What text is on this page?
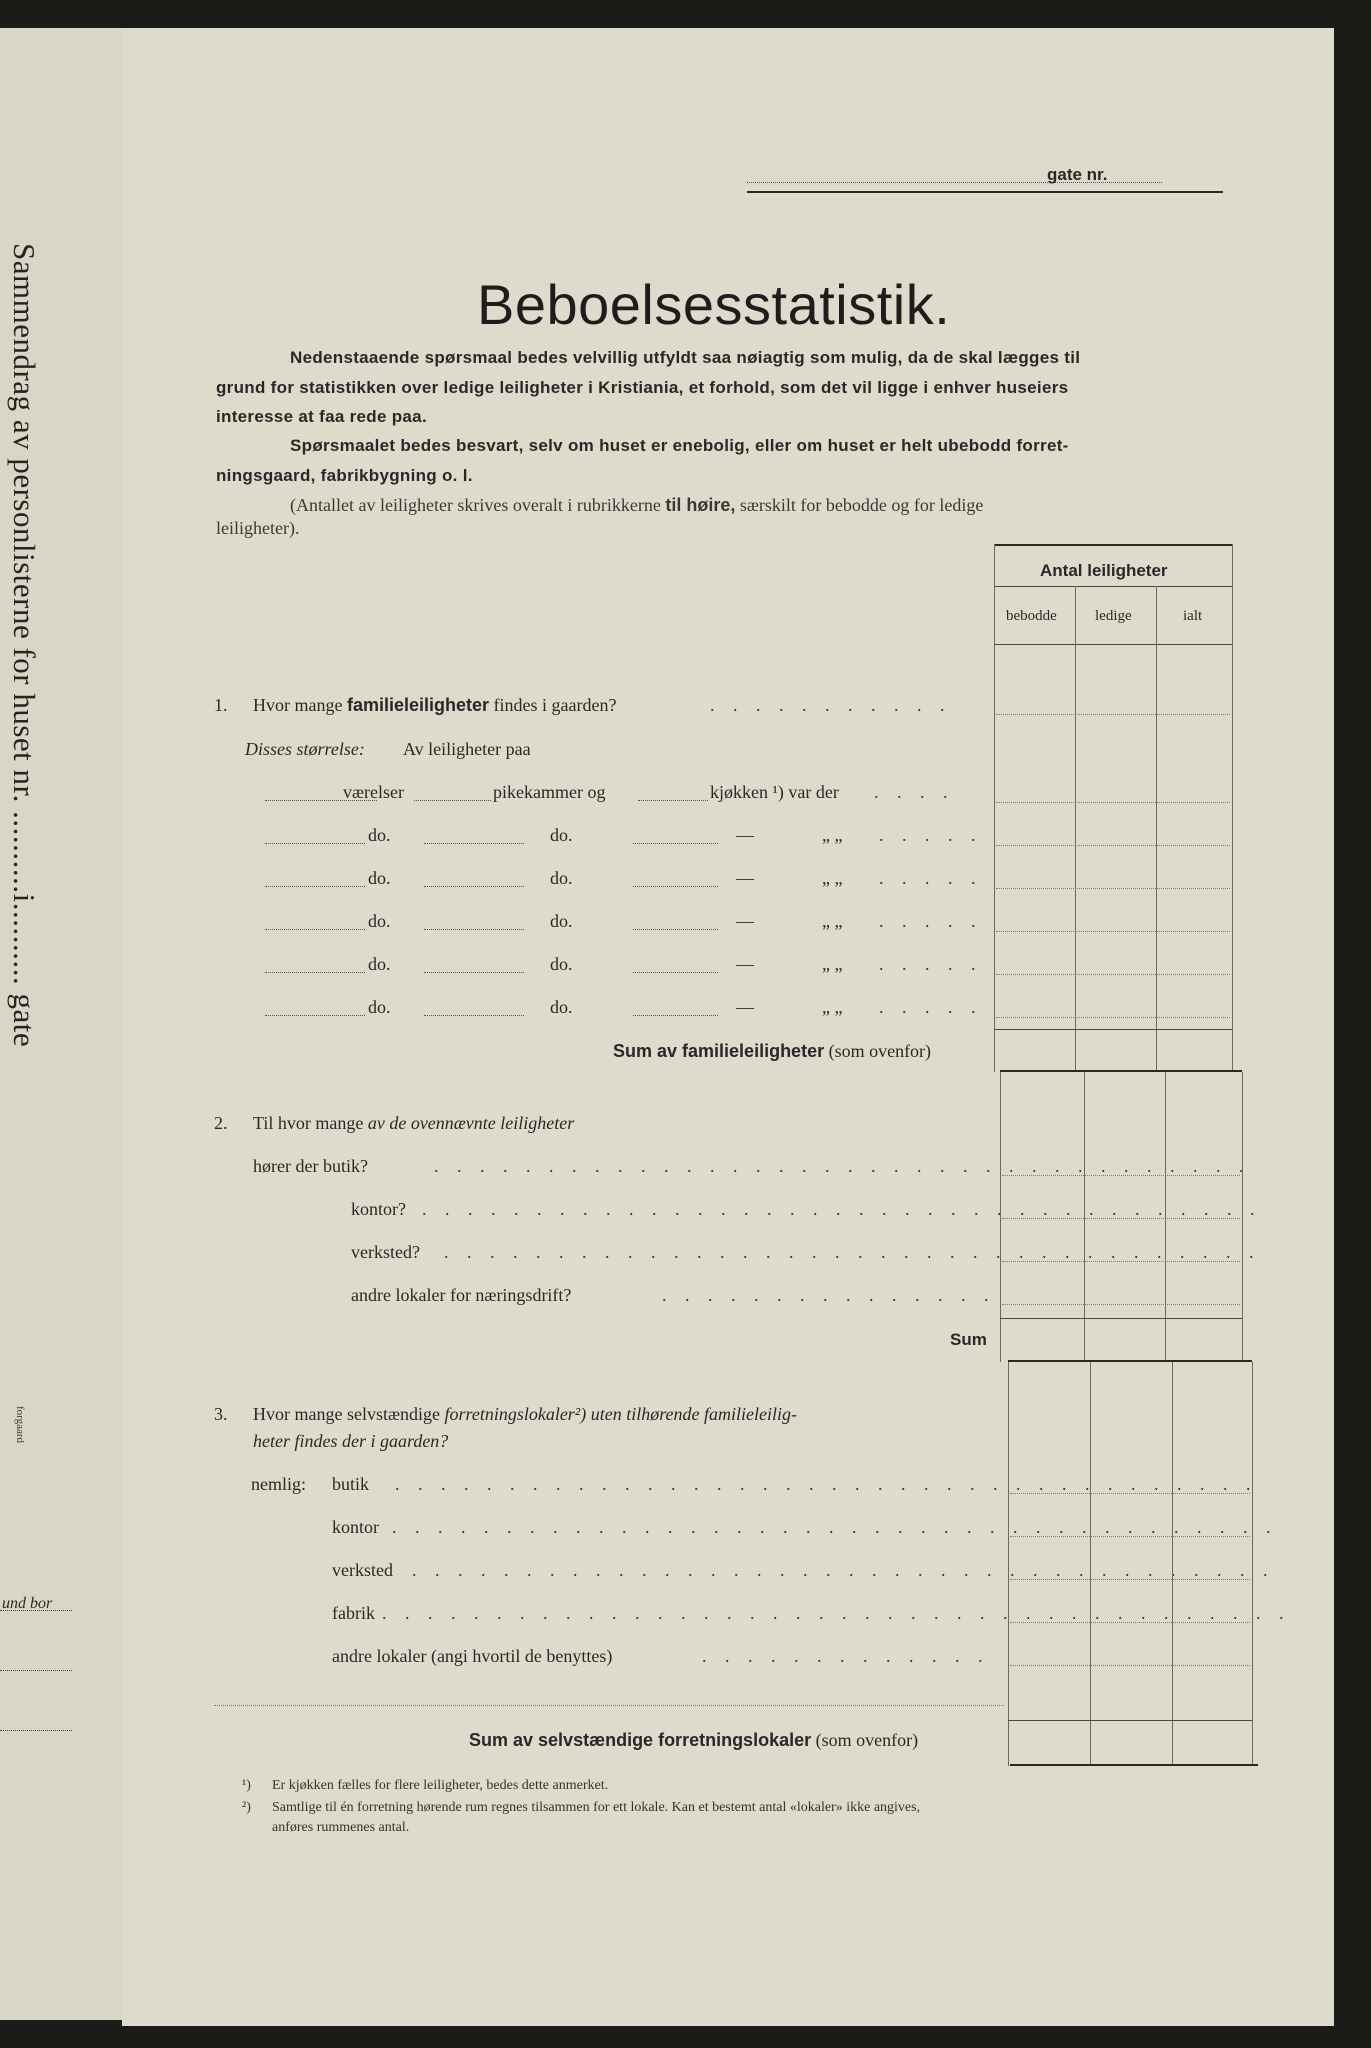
Sammendrag av personlisterne for huset nr. ..........i.......... gate
forgaard
und bor
gate nr.
Beboelsesstatistik.
Nedenstaaende spørsmaal bedes velvillig utfyldt saa nøiagtig som mulig, da de skal lægges til
grund for statistikken over ledige leiligheter i Kristiania, et forhold, som det vil ligge i enhver huseiers
interesse at faa rede paa.
Spørsmaalet bedes besvart, selv om huset er enebolig, eller om huset er helt ubebodd forret-
ningsgaard, fabrikbygning o. l.
(Antallet av leiligheter skrives overalt i rubrikkerne til høire, særskilt for bebodde og for ledige
leiligheter).
Antal leiligheter
bebodde	ledige	ialt
1. Hvor mange familieleiligheter findes i gaarden?	. . . . . . . . . . .
Disses størrelse: Av leiligheter paa
værelser	pikekammer og	kjøkken ¹) var der . . . .
do.	do.	—	„ „ . . . . .
do.	do.	—	„ „ . . . . .
do.	do.	—	„ „ . . . . .
do.	do.	—	„ „ . . . . .
do.	do.	—	„ „ . . . . .
Sum av familieleiligheter (som ovenfor)
2. Til hvor mange av de ovennævnte leiligheter
hører der butik?	. . . . . . . . . . . . . . . . . . . . . . . . . . . . . . . . . . . .
kontor? . . . . . . . . . . . . . . . . . . . . . . . . . . . . . . . . . . . . .
verksted? . . . . . . . . . . . . . . . . . . . . . . . . . . . . . . . . . . . .
andre lokaler for næringsdrift?	. . . . . . . . . . . . . . .
Sum
3. Hvor mange selvstændige forretningslokaler²) uten tilhørende familieleilig-
heter findes der i gaarden?
nemlig: butik . . . . . . . . . . . . . . . . . . . . . . . . . . . . . . . . . . . . . .
kontor . . . . . . . . . . . . . . . . . . . . . . . . . . . . . . . . . . . . . . .
verksted . . . . . . . . . . . . . . . . . . . . . . . . . . . . . . . . . . . . . .
fabrik . . . . . . . . . . . . . . . . . . . . . . . . . . . . . . . . . . . . . . . .
andre lokaler (angi hvortil de benyttes)	. . . . . . . . . . . . .
Sum av selvstændige forretningslokaler (som ovenfor)
¹) Er kjøkken fælles for flere leiligheter, bedes dette anmerket.
²) Samtlige til én forretning hørende rum regnes tilsammen for ett lokale. Kan et bestemt antal «lokaler» ikke angives,
anføres rummenes antal.
